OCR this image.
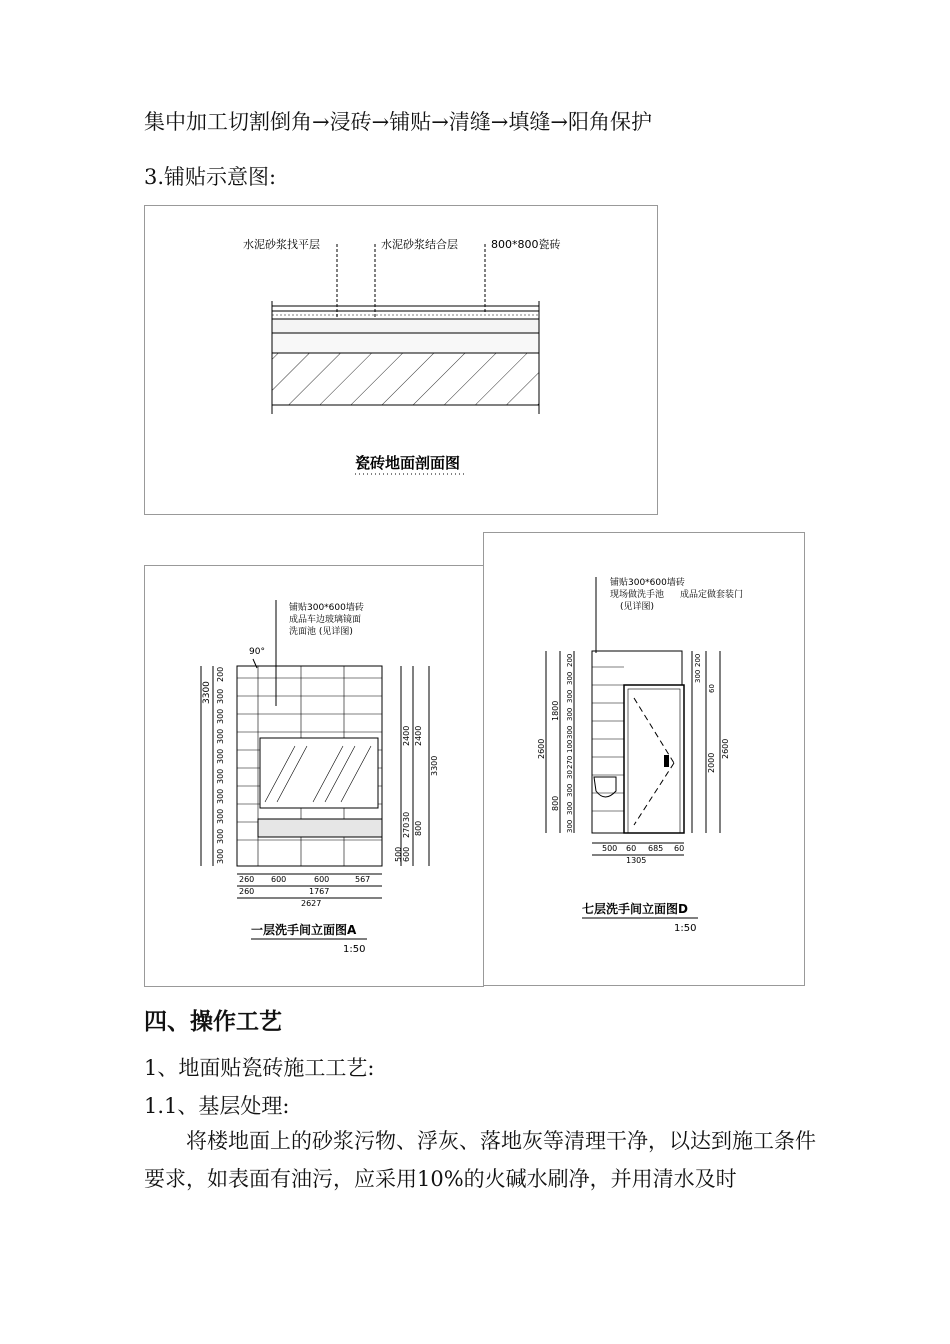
集中加工切割倒角→浸砖→铺贴→清缝→填缝→阳角保护
3.铺贴示意图:
水泥砂浆找平层	水泥砂浆结合层	800*800瓷砖
瓷砖地面剖面图
铺贴300*600墙砖
成品车边玻璃镜面
洗面池 (见详图)
90°
3300
200
300
300
300
300
300
300
300
300
300
2400
30
270
600
2400
800
500
3300
260 600	600	567
260	1767
2627
一层洗手间立面图A
1:50
铺贴300*600墙砖
现场做洗手池
(见详图)
成品定做套装门
2600
1800
800
200
300
300
300
300
100
270
30
300
300
300
200
300
60
2600
2000
500 60 685 60
1305
七层洗手间立面图D
1:50
四、操作工艺
1、地面贴瓷砖施工工艺:
1.1、基层处理:
将楼地面上的砂浆污物、浮灰、落地灰等清理干净，以达到施工条件要求，如表面有油污，应采用10%的火碱水刷净，并用清水及时
